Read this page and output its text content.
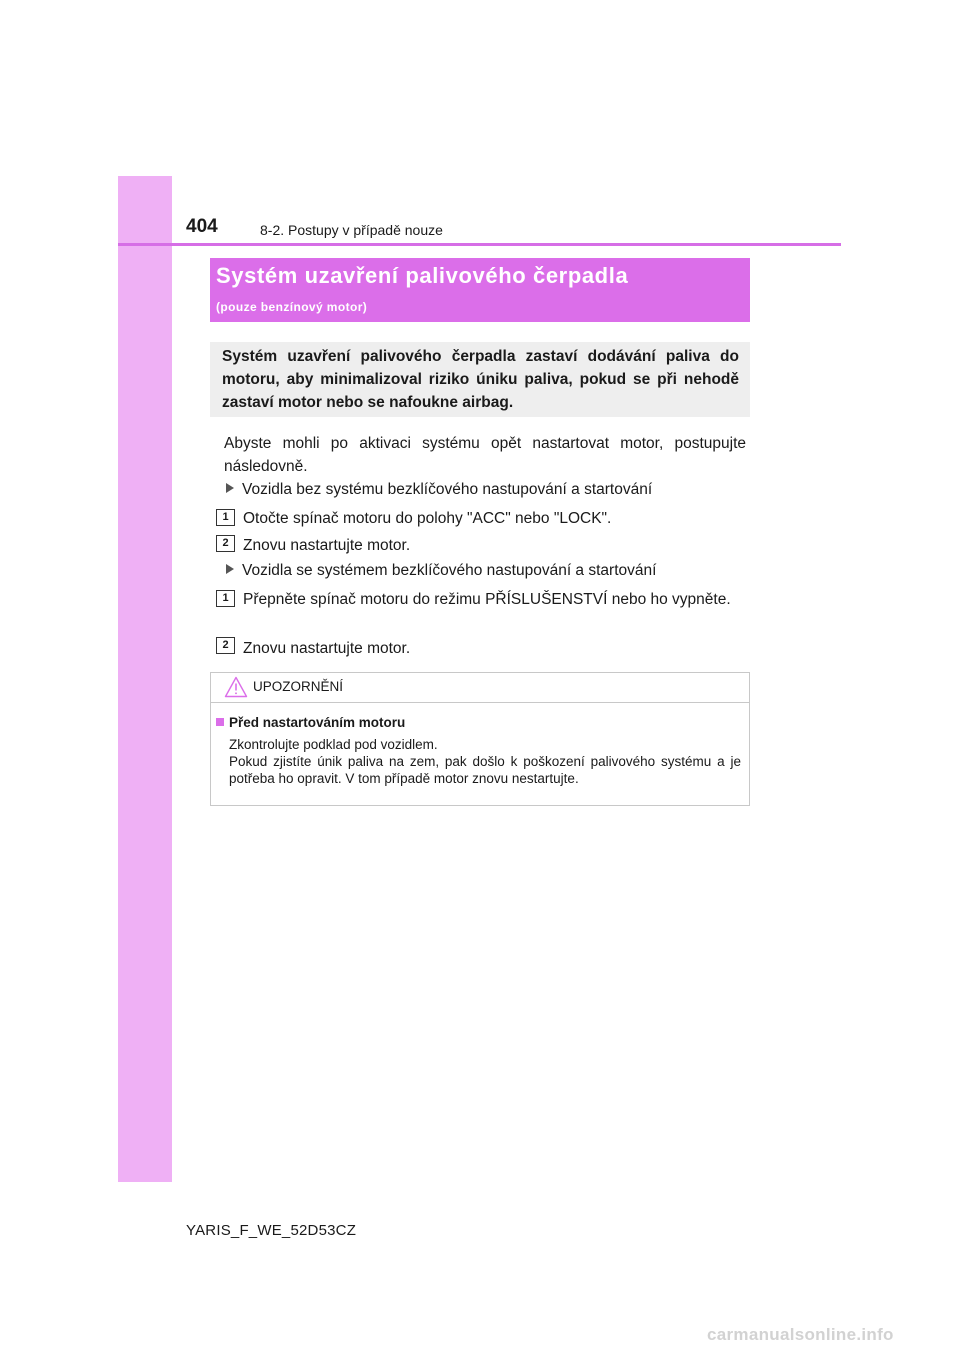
404	8-2. Postupy v případě nouze
Systém uzavření palivového čerpadla
(pouze benzínový motor)

Systém uzavření palivového čerpadla zastaví dodávání paliva do motoru, aby minimalizoval riziko úniku paliva, pokud se při nehodě zastaví motor nebo se nafoukne airbag.

Abyste mohli po aktivaci systému opět nastartovat motor, postupujte následovně.

Vozidla bez systému bezklíčového nastupování a startování
1 Otočte spínač motoru do polohy "ACC" nebo "LOCK".

2 Znovu nastartujte motor.

Vozidla se systémem bezklíčového nastupování a startování
1 Přepněte spínač motoru do režimu PŘÍSLUŠENSTVÍ nebo ho vypněte.

2 Znovu nastartujte motor.

UPOZORNĚNÍ
Před nastartováním motoru

Zkontrolujte podklad pod vozidlem.
Pokud zjistíte únik paliva na zem, pak došlo k poškození palivového systému a je potřeba ho opravit. V tom případě motor znovu nestartujte.

YARIS_F_WE_52D53CZ
carmanualsonline.info
